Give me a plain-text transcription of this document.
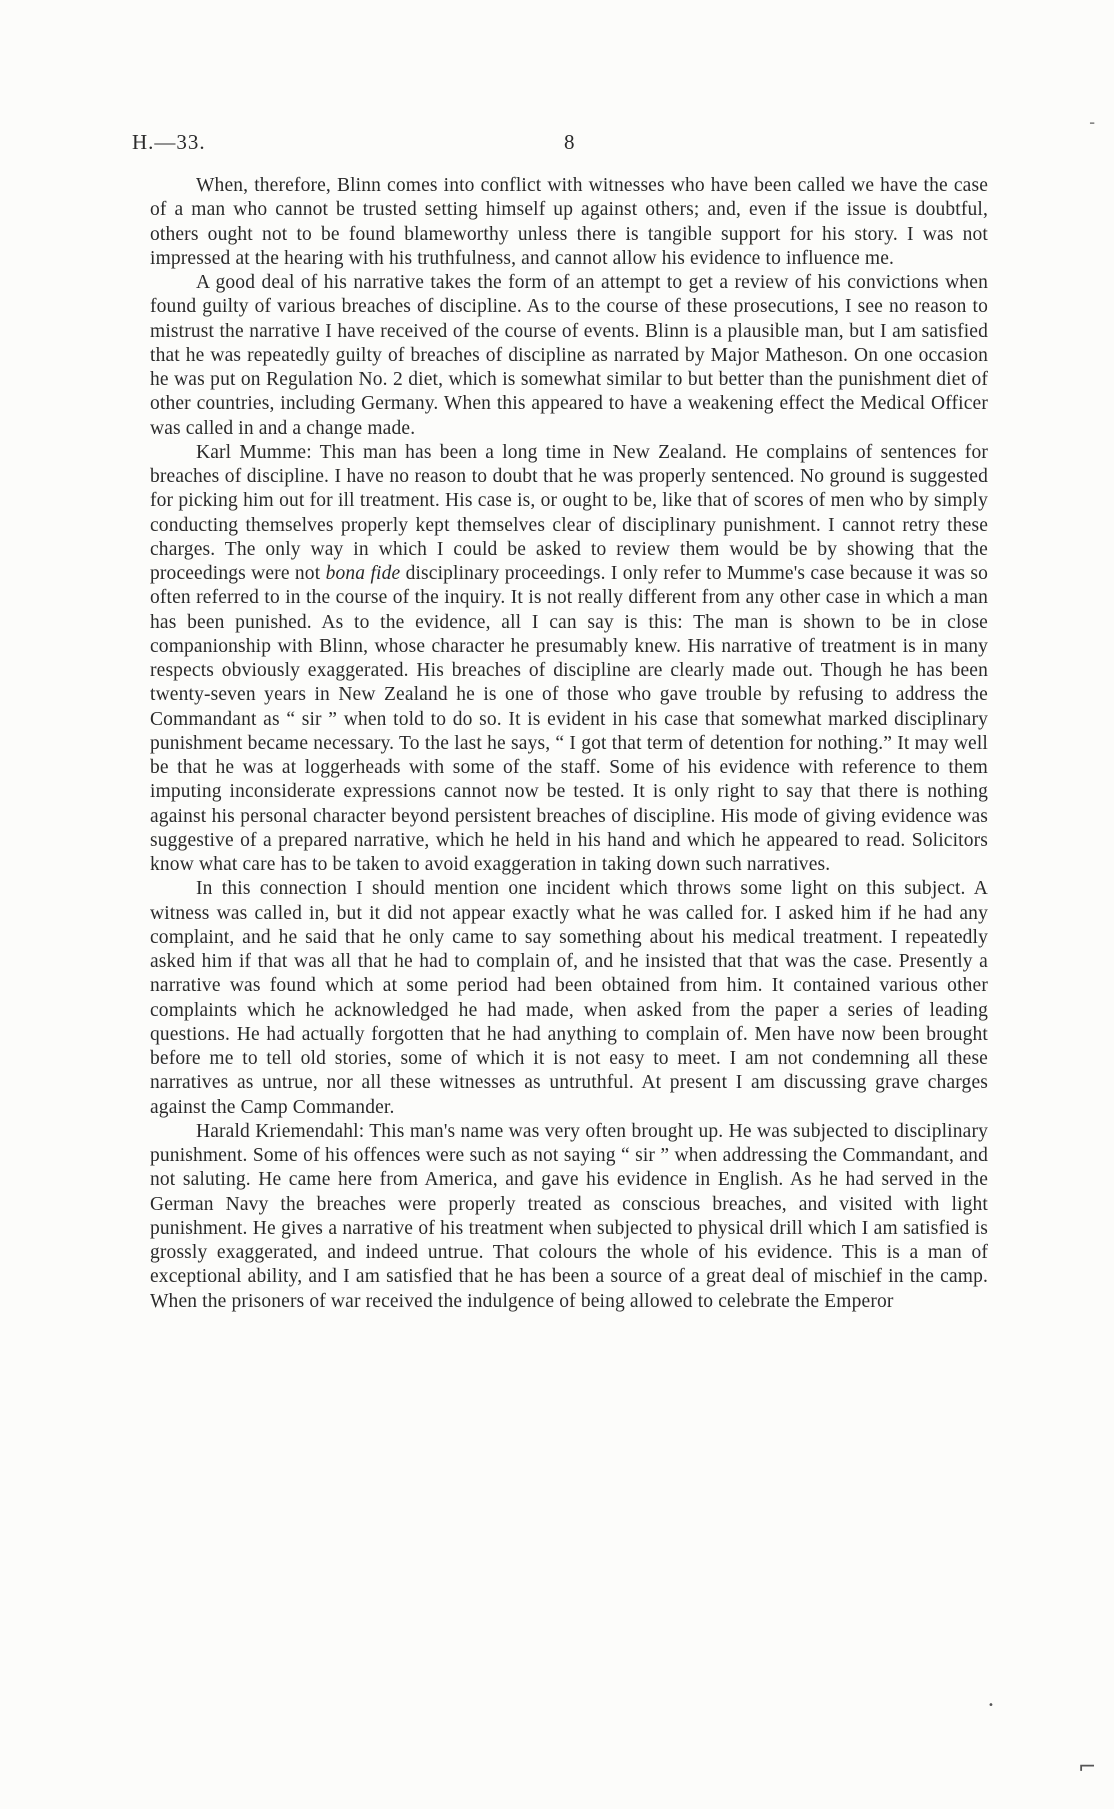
H.—33.	8

When, therefore, Blinn comes into conflict with witnesses who have been called we have the case of a man who cannot be trusted setting himself up against others; and, even if the issue is doubtful, others ought not to be found blameworthy unless there is tangible support for his story. I was not impressed at the hearing with his truthfulness, and cannot allow his evidence to influence me.

A good deal of his narrative takes the form of an attempt to get a review of his convictions when found guilty of various breaches of discipline. As to the course of these prosecutions, I see no reason to mistrust the narrative I have received of the course of events. Blinn is a plausible man, but I am satisfied that he was repeatedly guilty of breaches of discipline as narrated by Major Matheson. On one occasion he was put on Regulation No. 2 diet, which is somewhat similar to but better than the punishment diet of other countries, including Germany. When this appeared to have a weakening effect the Medical Officer was called in and a change made.

Karl Mumme: This man has been a long time in New Zealand. He complains of sentences for breaches of discipline. I have no reason to doubt that he was properly sentenced. No ground is suggested for picking him out for ill treatment. His case is, or ought to be, like that of scores of men who by simply conducting themselves properly kept themselves clear of disciplinary punishment. I cannot retry these charges. The only way in which I could be asked to review them would be by showing that the proceedings were not bona fide disciplinary proceedings. I only refer to Mumme's case because it was so often referred to in the course of the inquiry. It is not really different from any other case in which a man has been punished. As to the evidence, all I can say is this: The man is shown to be in close companionship with Blinn, whose character he presumably knew. His narrative of treatment is in many respects obviously exaggerated. His breaches of discipline are clearly made out. Though he has been twenty-seven years in New Zealand he is one of those who gave trouble by refusing to address the Commandant as “ sir ” when told to do so. It is evident in his case that somewhat marked disciplinary punishment became necessary. To the last he says, “ I got that term of detention for nothing.” It may well be that he was at loggerheads with some of the staff. Some of his evidence with reference to them imputing inconsiderate expressions cannot now be tested. It is only right to say that there is nothing against his personal character beyond persistent breaches of discipline. His mode of giving evidence was suggestive of a prepared narrative, which he held in his hand and which he appeared to read. Solicitors know what care has to be taken to avoid exaggeration in taking down such narratives.

In this connection I should mention one incident which throws some light on this subject. A witness was called in, but it did not appear exactly what he was called for. I asked him if he had any complaint, and he said that he only came to say something about his medical treatment. I repeatedly asked him if that was all that he had to complain of, and he insisted that that was the case. Presently a narrative was found which at some period had been obtained from him. It contained various other complaints which he acknowledged he had made, when asked from the paper a series of leading questions. He had actually forgotten that he had anything to complain of. Men have now been brought before me to tell old stories, some of which it is not easy to meet. I am not condemning all these narratives as untrue, nor all these witnesses as untruthful. At present I am discussing grave charges against the Camp Commander.

Harald Kriemendahl: This man's name was very often brought up. He was subjected to disciplinary punishment. Some of his offences were such as not saying “ sir ” when addressing the Commandant, and not saluting. He came here from America, and gave his evidence in English. As he had served in the German Navy the breaches were properly treated as conscious breaches, and visited with light punishment. He gives a narrative of his treatment when subjected to physical drill which I am satisfied is grossly exaggerated, and indeed untrue. That colours the whole of his evidence. This is a man of exceptional ability, and I am satisfied that he has been a source of a great deal of mischief in the camp. When the prisoners of war received the indulgence of being allowed to celebrate the Emperor

╴
•
⌐
